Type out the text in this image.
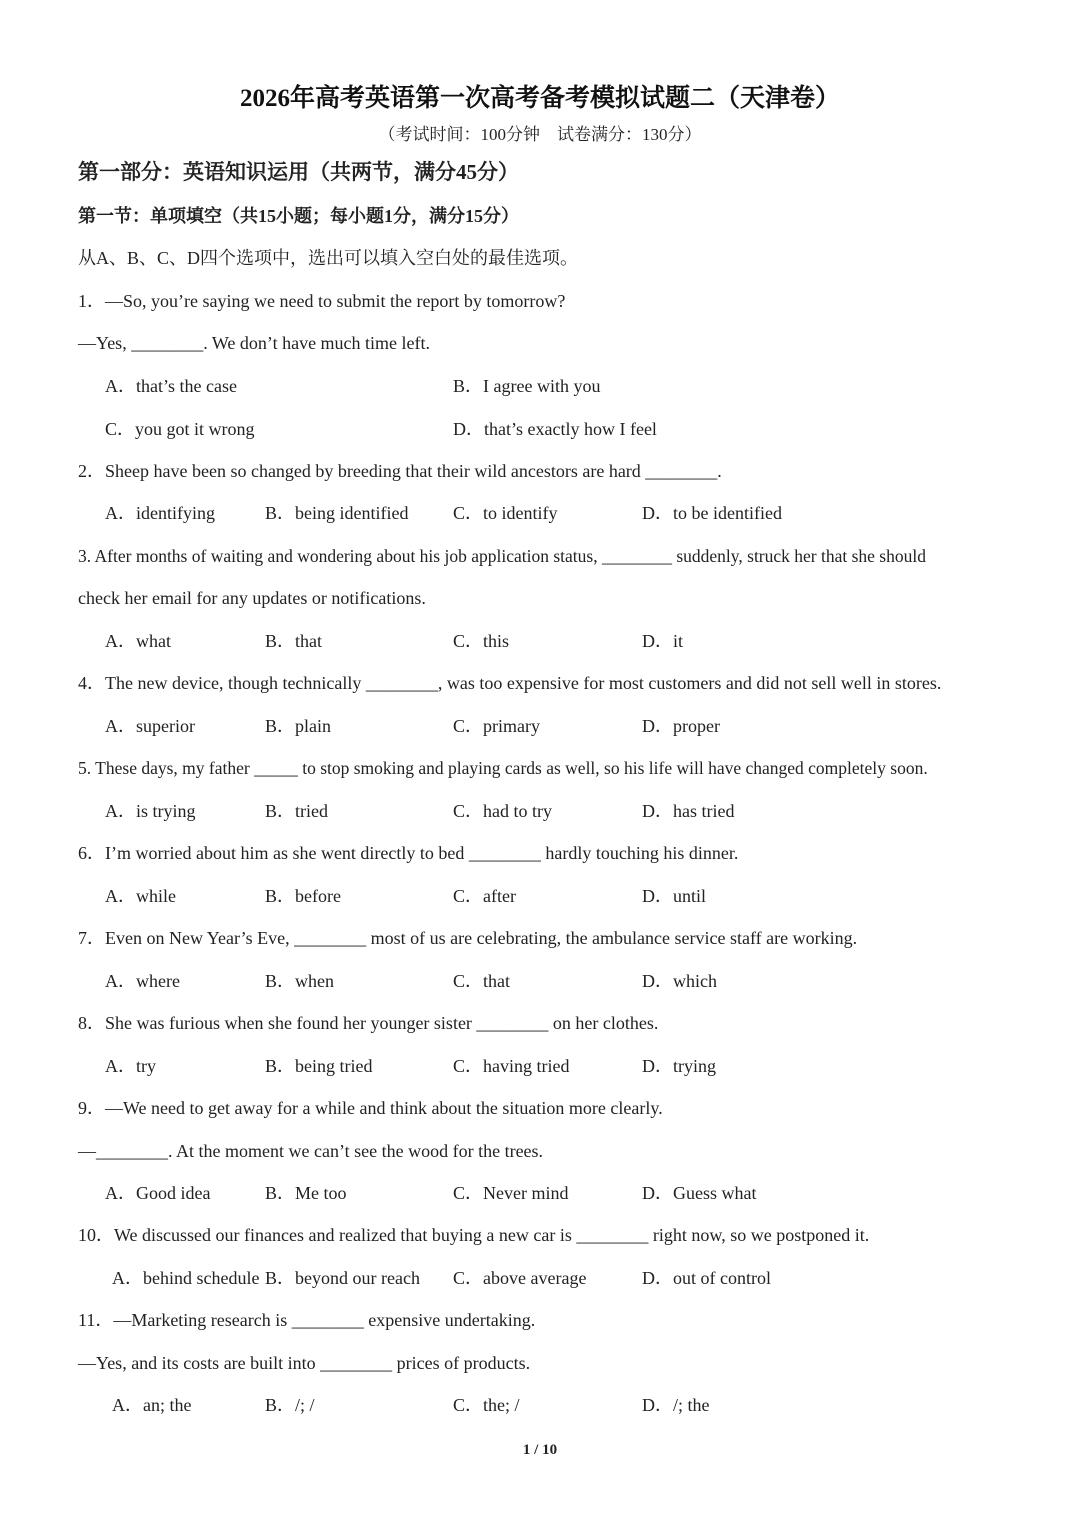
2026年高考英语第一次高考备考模拟试题二（天津卷）
（考试时间：100分钟　试卷满分：130分）
第一部分：英语知识运用（共两节，满分45分）
第一节：单项填空（共15小题；每小题1分，满分15分）
从A、B、C、D四个选项中，选出可以填入空白处的最佳选项。
1．—So, you’re saying we need to submit the report by tomorrow?
—Yes, ________. We don’t have much time left.
A．that’s the case	B．I agree with you
C．you got it wrong	D．that’s exactly how I feel
2．Sheep have been so changed by breeding that their wild ancestors are hard ________.
A．identifying	B．being identified C．to identify	D．to be identified
3. After months of waiting and wondering about his job application status, ________ suddenly, struck her that she should
check her email for any updates or notifications.
A．what	B．that	C．this	D．it
4．The new device, though technically ________, was too expensive for most customers and did not sell well in stores.
A．superior	B．plain	C．primary	D．proper
5. These days, my father _____ to stop smoking and playing cards as well, so his life will have changed completely soon.
A．is trying	B．tried	C．had to try	D．has tried
6．I’m worried about him as she went directly to bed ________ hardly touching his dinner.
A．while	B．before	C．after	D．until
7．Even on New Year’s Eve, ________ most of us are celebrating, the ambulance service staff are working.
A．where	B．when	C．that	D．which
8．She was furious when she found her younger sister ________ on her clothes.
A．try	B．being tried	C．having tried	D．trying
9．—We need to get away for a while and think about the situation more clearly.
—________. At the moment we can’t see the wood for the trees.
A．Good idea	B．Me too	C．Never mind	D．Guess what
10．We discussed our finances and realized that buying a new car is ________ right now, so we postponed it.
A．behind schedule B．beyond our reach C．above average	D．out of control
11．—Marketing research is ________ expensive undertaking.
—Yes, and its costs are built into ________ prices of products.
A．an; the	B．/; /	C．the; /	D．/; the
1 / 10
